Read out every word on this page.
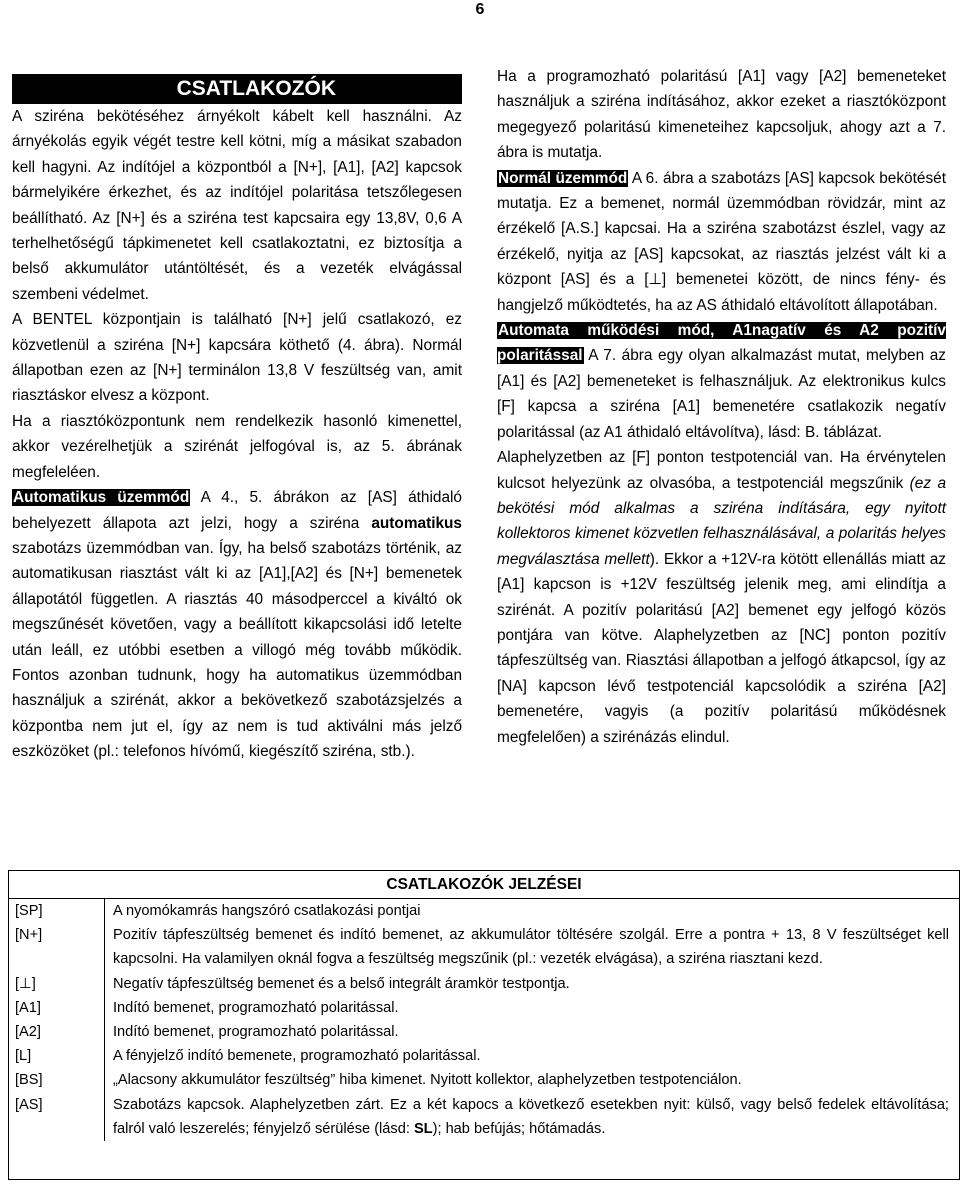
6
CSATLAKOZÓK

A sziréna bekötéséhez árnyékolt kábelt kell használni. Az árnyékolás egyik végét testre kell kötni, míg a másikat szabadon kell hagyni. Az indítójel a központból a [N+], [A1], [A2] kapcsok bármelyikére érkezhet, és az indítójel polaritása tetszőlegesen beállítható. Az [N+] és a sziréna test kapcsaira egy 13,8V, 0,6 A terhelhetőségű tápkimenetet kell csatlakoztatni, ez biztosítja a belső akkumulátor utántöltését, és a vezeték elvágással szembeni védelmet.

A BENTEL központjain is található [N+] jelű csatlakozó, ez közvetlenül a sziréna [N+] kapcsára köthető (4. ábra). Normál állapotban ezen az [N+] terminálon 13,8 V feszültség van, amit riasztáskor elvesz a központ.

Ha a riasztóközpontunk nem rendelkezik hasonló kimenettel, akkor vezérelhetjük a szirénát jelfogóval is, az 5. ábrának megfeleléen.

Automatikus üzemmód A 4., 5. ábrákon az [AS] áthidaló behelyezett állapota azt jelzi, hogy a sziréna automatikus szabotázs üzemmódban van. Így, ha belső szabotázs történik, az automatikusan riasztást vált ki az [A1],[A2] és [N+] bemenetek állapotától független. A riasztás 40 másodperccel a kiváltó ok megszűnését követően, vagy a beállított kikapcsolási idő letelte után leáll, ez utóbbi esetben a villogó még tovább működik. Fontos azonban tudnunk, hogy ha automatikus üzemmódban használjuk a szirénát, akkor a bekövetkező szabotázsjelzés a központba nem jut el, így az nem is tud aktiválni más jelző eszközöket (pl.: telefonos hívómű, kiegészítő sziréna, stb.).

Ha a programozható polaritású [A1] vagy [A2] bemeneteket használjuk a sziréna indításához, akkor ezeket a riasztóközpont megegyező polaritású kimeneteihez kapcsoljuk, ahogy azt a 7. ábra is mutatja.

Normál üzemmód A 6. ábra a szabotázs [AS] kapcsok bekötését mutatja. Ez a bemenet, normál üzemmódban rövidzár, mint az érzékelő [A.S.] kapcsai. Ha a sziréna szabotázst észlel, vagy az érzékelő, nyitja az [AS] kapcsokat, az riasztás jelzést vált ki a központ [AS] és a [⊥] bemenetei között, de nincs fény- és hangjelző működtetés, ha az AS áthidaló eltávolított állapotában.

Automata működési mód, A1nagatív és A2 pozitív polaritással A 7. ábra egy olyan alkalmazást mutat, melyben az [A1] és [A2] bemeneteket is felhasználjuk. Az elektronikus kulcs [F] kapcsa a sziréna [A1] bemenetére csatlakozik negatív polaritással (az A1 áthidaló eltávolítva), lásd: B. táblázat.

Alaphelyzetben az [F] ponton testpotenciál van. Ha érvénytelen kulcsot helyezünk az olvasóba, a testpotenciál megszűnik (ez a bekötési mód alkalmas a sziréna indítására, egy nyitott kollektoros kimenet közvetlen felhasználásával, a polaritás helyes megválasztása mellett). Ekkor a +12V-ra kötött ellenállás miatt az [A1] kapcson is +12V feszültség jelenik meg, ami elindítja a szirénát. A pozitív polaritású [A2] bemenet egy jelfogó közös pontjára van kötve. Alaphelyzetben az [NC] ponton pozitív tápfeszültség van. Riasztási állapotban a jelfogó átkapcsol, így az [NA] kapcson lévő testpotenciál kapcsolódik a sziréna [A2] bemenetére, vagyis (a pozitív polaritású működésnek megfelelően) a szirénázás elindul.

CSATLAKOZÓK JELZÉSEI
[SP]	A nyomókamrás hangszóró csatlakozási pontjai
[N+]	Pozitív tápfeszültség bemenet és indító bemenet, az akkumulátor töltésére szolgál. Erre a pontra + 13, 8 V feszültséget kell kapcsolni. Ha valamilyen oknál fogva a feszültség megszűnik (pl.: vezeték elvágása), a sziréna riasztani kezd.
[⊥]	Negatív tápfeszültség bemenet és a belső integrált áramkör testpontja.
[A1]	Indító bemenet, programozható polaritással.
[A2]	Indító bemenet, programozható polaritással.
[L]	A fényjelző indító bemenete, programozható polaritással.
[BS]	„Alacsony akkumulátor feszültség” hiba kimenet. Nyitott kollektor, alaphelyzetben testpotenciálon.
[AS]	Szabotázs kapcsok. Alaphelyzetben zárt. Ez a két kapocs a következő esetekben nyit: külső, vagy belső fedelek eltávolítása; falról való leszerelés; fényjelző sérülése (lásd: SL); hab befújás; hőtámadás.
